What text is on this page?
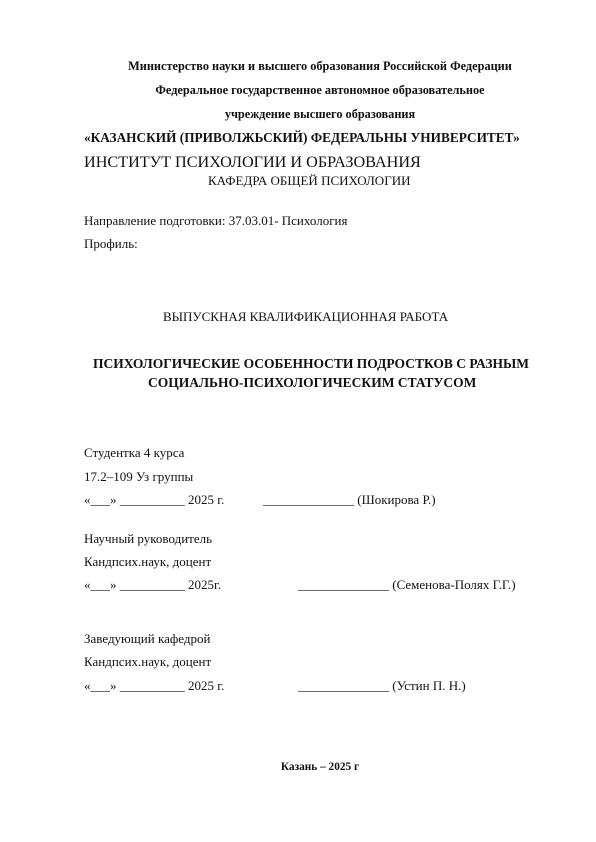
Министерство науки и высшего образования Российской Федерации
Федеральное государственное автономное образовательное
учреждение высшего образования
«КАЗАНСКИЙ (ПРИВОЛЖЬСКИЙ) ФЕДЕРАЛЬНЫ УНИВЕРСИТЕТ»
ИНСТИТУТ ПСИХОЛОГИИ И ОБРАЗОВАНИЯ
КАФЕДРА ОБЩЕЙ ПСИХОЛОГИИ
Направление подготовки: 37.03.01- Психология
Профиль:
ВЫПУСКНАЯ КВАЛИФИКАЦИОННАЯ РАБОТА
ПСИХОЛОГИЧЕСКИЕ ОСОБЕННОСТИ ПОДРОСТКОВ С РАЗНЫМ
СОЦИАЛЬНО-ПСИХОЛОГИЧЕСКИМ СТАТУСОМ
Студентка 4 курса
17.2–109 Уз группы
«___» __________ 2025 г.	______________ (Шокирова Р.)
Научный руководитель
Кандпсих.наук, доцент
«___» __________ 2025г.	______________ (Семенова-Полях Г.Г.)
Заведующий кафедрой
Кандпсих.наук, доцент
«___» __________ 2025 г.	______________ (Устин П. Н.)
Казань – 2025 г
